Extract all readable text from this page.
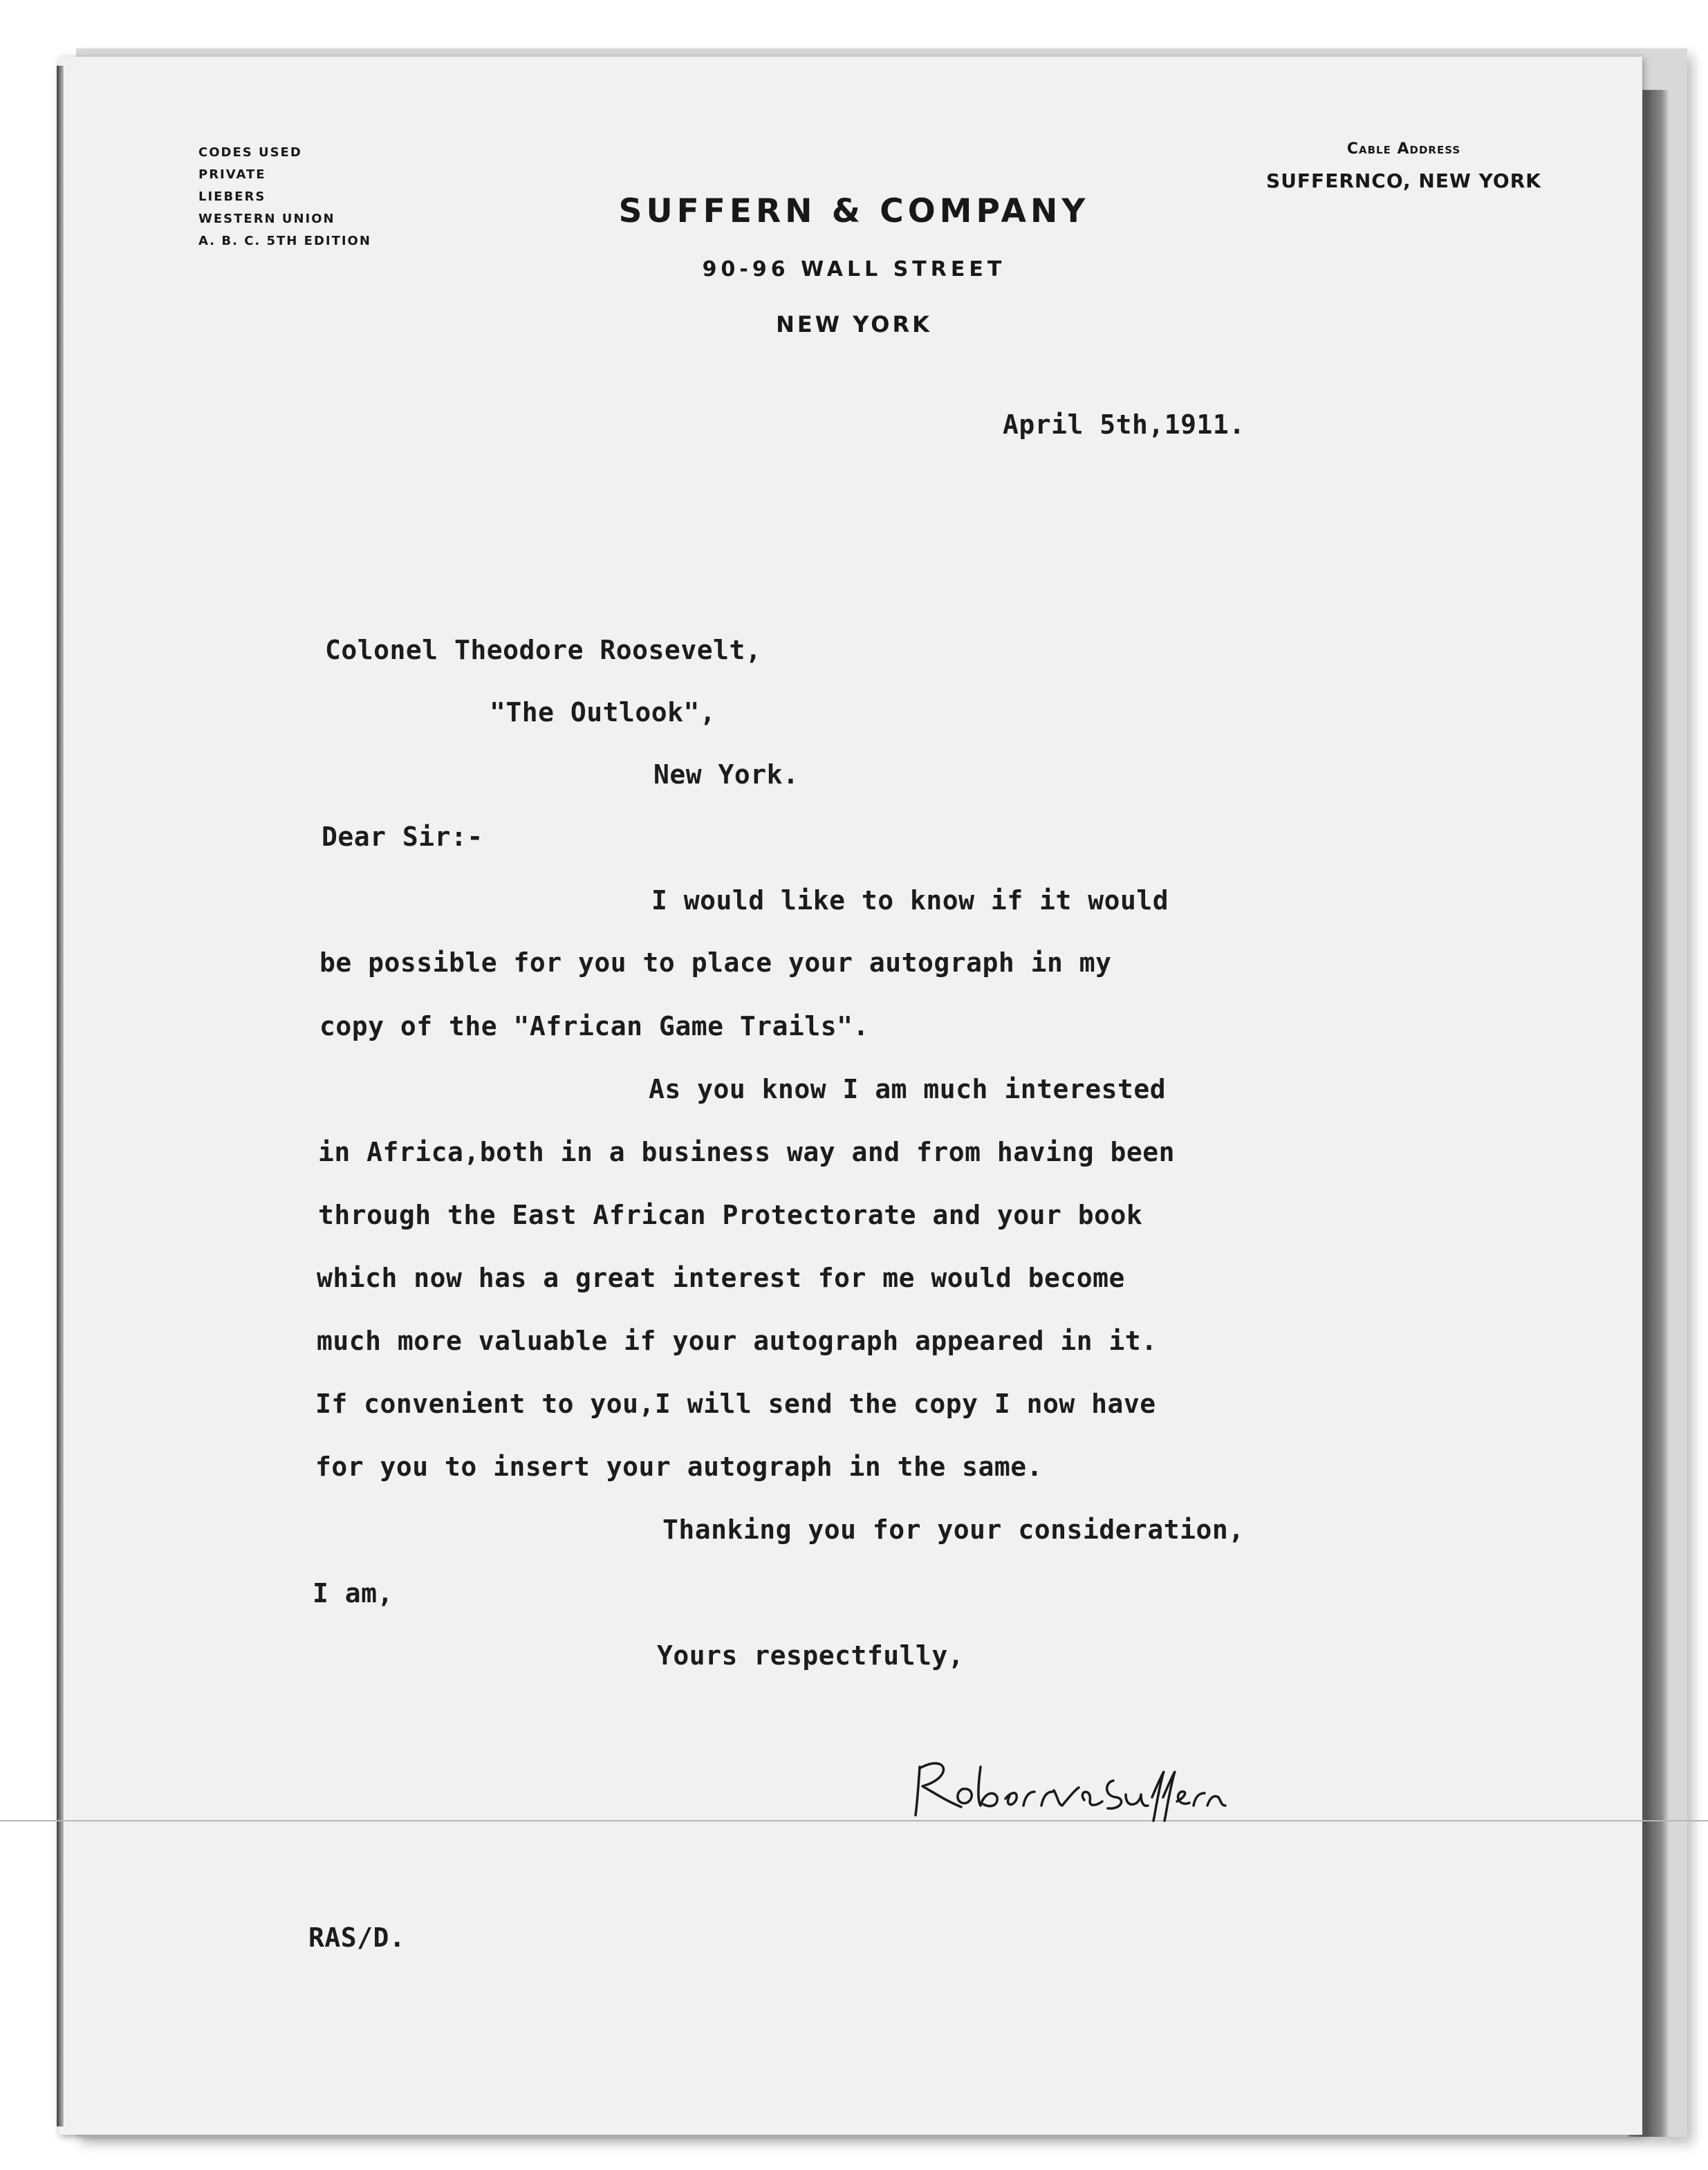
CODES USED
PRIVATE
LIEBERS
WESTERN UNION
A. B. C. 5TH EDITION
SUFFERN & COMPANY
90-96 WALL STREET
NEW YORK
Cable Address
SUFFERNCO, NEW YORK
April 5th,1911.
Colonel Theodore Roosevelt,
"The Outlook",
New York.
Dear Sir:-
I would like to know if it would
be possible for you to place your autograph in my
copy of the "African Game Trails".
As you know I am much interested
in Africa,both in a business way and from having been
through the East African Protectorate and your book
which now has a great interest for me would become
much more valuable if your autograph appeared in it.
If convenient to you,I will send the copy I now have
for you to insert your autograph in the same.
Thanking you for your consideration,
I am,
Yours respectfully,
RAS/D.
